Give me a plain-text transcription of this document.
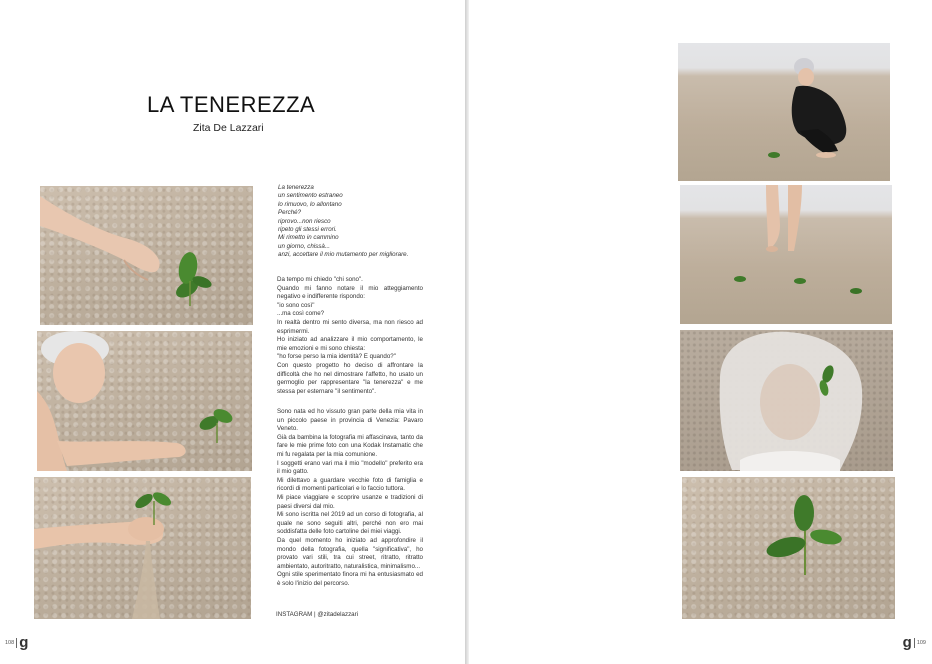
LA TENEREZZA
Zita De Lazzari
La tenerezza
un sentimento estraneo
lo rimuovo, lo allontano
Perché?
riprovo...non riesco
ripeto gli stessi errori.
Mi rimetto in cammino
un giorno, chissà...
anzi, accettare il mio mutamento per migliorare.
Da tempo mi chiedo "chi sono".
Quando mi fanno notare il mio atteggiamento negativo e indifferente rispondo:
"io sono così"
...ma così come?
In realtà dentro mi sento diversa, ma non riesco ad esprimermi.
Ho iniziato ad analizzare il mio comportamento, le mie emozioni e mi sono chiesta:
"ho forse perso la mia identità? E quando?"
Con questo progetto ho deciso di affrontare la difficoltà che ho nel dimostrare l'affetto, ho usato un germoglio per rappresentare "la tenerezza" e me stessa per esternare "il sentimento".
Sono nata ed ho vissuto gran parte della mia vita in un piccolo paese in provincia di Venezia: Pavaro Veneto.
Già da bambina la fotografia mi affascinava, tanto da fare le mie prime foto con una Kodak Instamatic che mi fu regalata per la mia comunione.
I soggetti erano vari ma il mio "modello" preferito era il mio gatto.
Mi dilettavo a guardare vecchie foto di famiglia e ricordi di momenti particolari e lo faccio tuttora.
Mi piace viaggiare e scoprire usanze e tradizioni di paesi diversi dal mio.
Mi sono iscritta nel 2019 ad un corso di fotografia, al quale ne sono seguiti altri, perché non ero mai soddisfatta delle foto cartoline dei miei viaggi.
Da quel momento ho iniziato ad approfondire il mondo della fotografia, quella "significativa", ho provato vari stili, tra cui street, ritratto, ritratto ambientato, autoritratto, naturalistica, minimalismo...
Ogni stile sperimentato finora mi ha entusiasmato ed è solo l'inizio del percorso.
INSTAGRAM | @zitadelazzari
108 g	g 109
